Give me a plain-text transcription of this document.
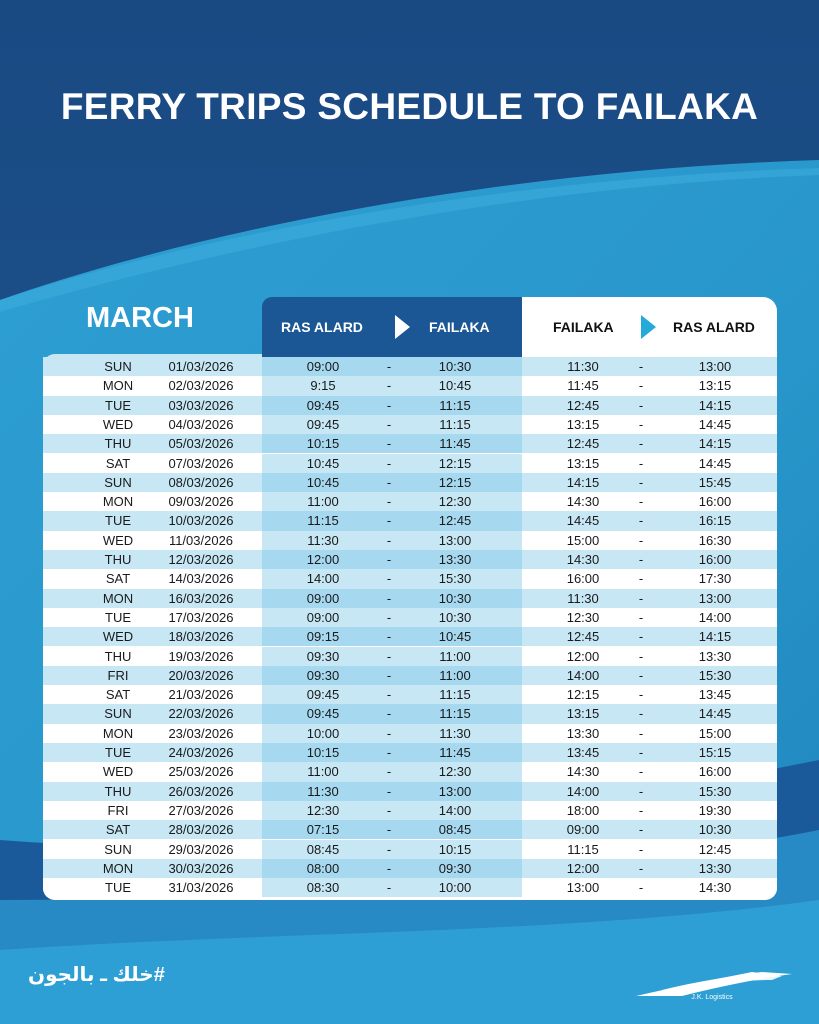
FERRY TRIPS SCHEDULE TO FAILAKA
MARCH	RAS ALARD	FAILAKA	FAILAKA	RAS ALARD
SUN	01/03/2026	09:00	-	10:30	11:30	-	13:00
MON	02/03/2026	9:15	-	10:45	11:45	-	13:15
TUE	03/03/2026	09:45	-	11:15	12:45	-	14:15
WED	04/03/2026	09:45	-	11:15	13:15	-	14:45
THU	05/03/2026	10:15	-	11:45	12:45	-	14:15
SAT	07/03/2026	10:45	-	12:15	13:15	-	14:45
SUN	08/03/2026	10:45	-	12:15	14:15	-	15:45
MON	09/03/2026	11:00	-	12:30	14:30	-	16:00
TUE	10/03/2026	11:15	-	12:45	14:45	-	16:15
WED	11/03/2026	11:30	-	13:00	15:00	-	16:30
THU	12/03/2026	12:00	-	13:30	14:30	-	16:00
SAT	14/03/2026	14:00	-	15:30	16:00	-	17:30
MON	16/03/2026	09:00	-	10:30	11:30	-	13:00
TUE	17/03/2026	09:00	-	10:30	12:30	-	14:00
WED	18/03/2026	09:15	-	10:45	12:45	-	14:15
THU	19/03/2026	09:30	-	11:00	12:00	-	13:30
FRI	20/03/2026	09:30	-	11:00	14:00	-	15:30
SAT	21/03/2026	09:45	-	11:15	12:15	-	13:45
SUN	22/03/2026	09:45	-	11:15	13:15	-	14:45
MON	23/03/2026	10:00	-	11:30	13:30	-	15:00
TUE	24/03/2026	10:15	-	11:45	13:45	-	15:15
WED	25/03/2026	11:00	-	12:30	14:30	-	16:00
THU	26/03/2026	11:30	-	13:00	14:00	-	15:30
FRI	27/03/2026	12:30	-	14:00	18:00	-	19:30
SAT	28/03/2026	07:15	-	08:45	09:00	-	10:30
SUN	29/03/2026	08:45	-	10:15	11:15	-	12:45
MON	30/03/2026	08:00	-	09:30	12:00	-	13:30
TUE	31/03/2026	08:30	-	10:00	13:00	-	14:30
#خلك ـ بالجون
J.K. Logistics
